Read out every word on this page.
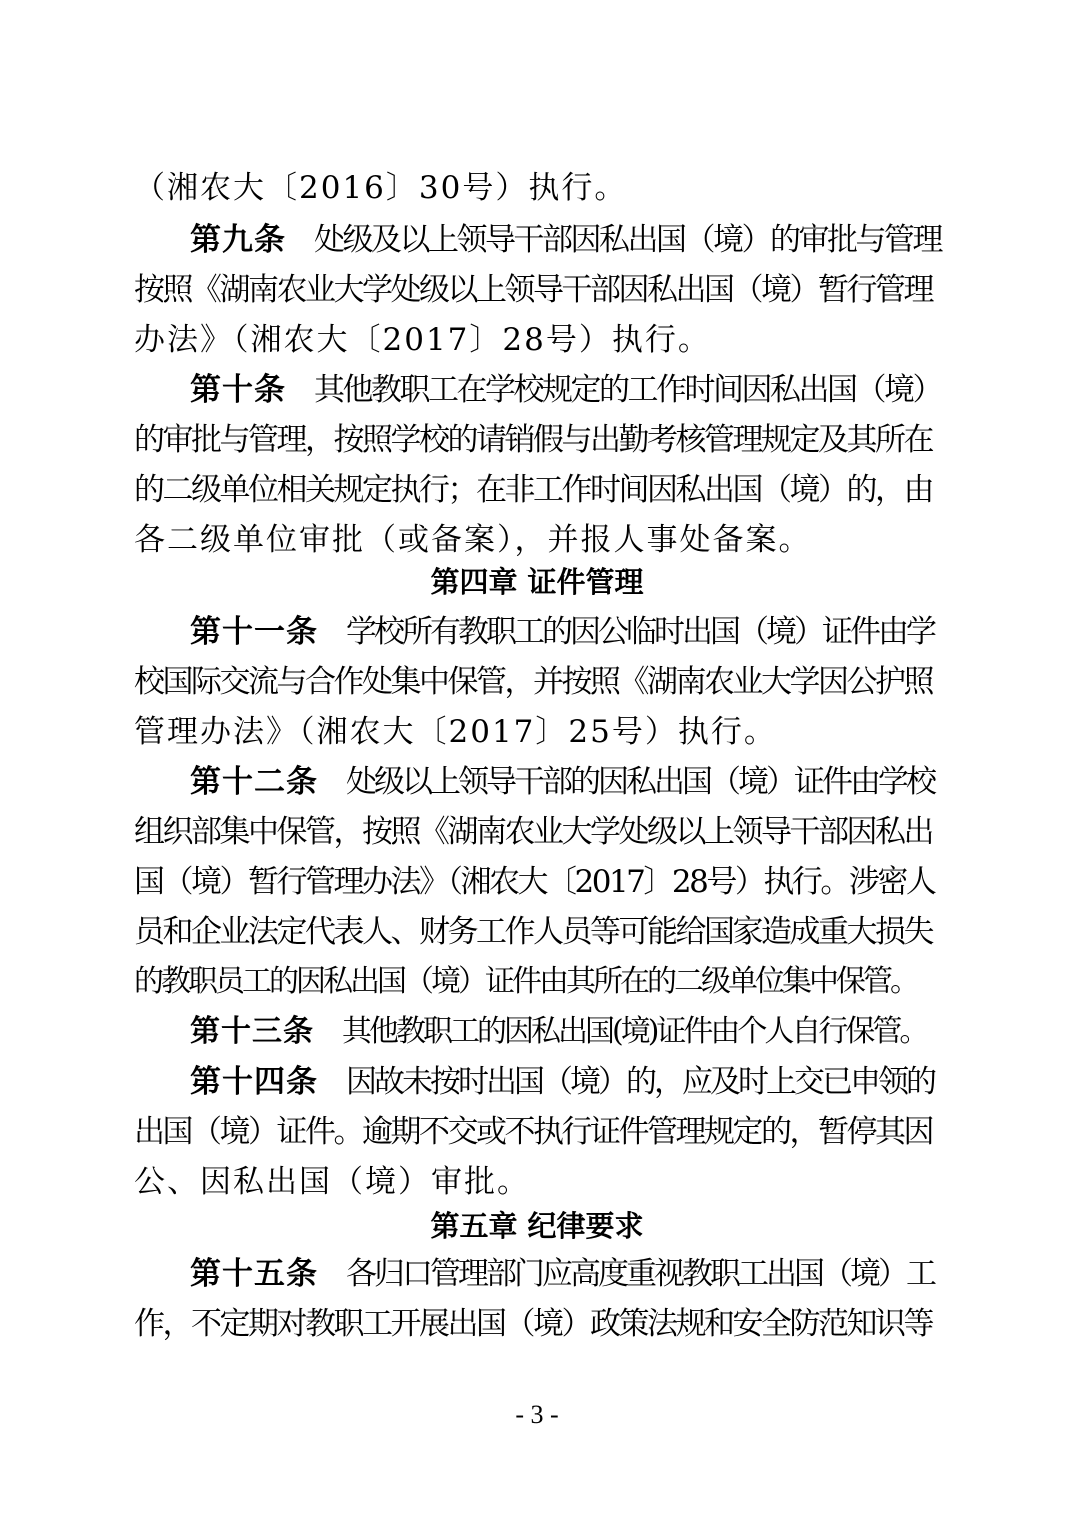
（湘农大〔2016〕30号）执行。
第九条 处级及以上领导干部因私出国（境）的审批与管理
按照《湖南农业大学处级以上领导干部因私出国（境）暂行管理
办法》（湘农大〔2017〕28号）执行。
第十条 其他教职工在学校规定的工作时间因私出国（境）
的审批与管理，按照学校的请销假与出勤考核管理规定及其所在
的二级单位相关规定执行；在非工作时间因私出国（境）的，由
各二级单位审批（或备案），并报人事处备案。
第四章 证件管理
第十一条 学校所有教职工的因公临时出国（境）证件由学
校国际交流与合作处集中保管，并按照《湖南农业大学因公护照
管理办法》（湘农大〔2017〕25号）执行。
第十二条 处级以上领导干部的因私出国（境）证件由学校
组织部集中保管，按照《湖南农业大学处级以上领导干部因私出
国（境）暂行管理办法》（湘农大〔2017〕28号）执行。涉密人
员和企业法定代表人、财务工作人员等可能给国家造成重大损失
的教职员工的因私出国（境）证件由其所在的二级单位集中保管。
第十三条 其他教职工的因私出国(境)证件由个人自行保管。
第十四条 因故未按时出国（境）的，应及时上交已申领的
出国（境）证件。逾期不交或不执行证件管理规定的，暂停其因
公、因私出国（境）审批。
第五章 纪律要求
第十五条 各归口管理部门应高度重视教职工出国（境）工
作，不定期对教职工开展出国（境）政策法规和安全防范知识等
- 3 -
